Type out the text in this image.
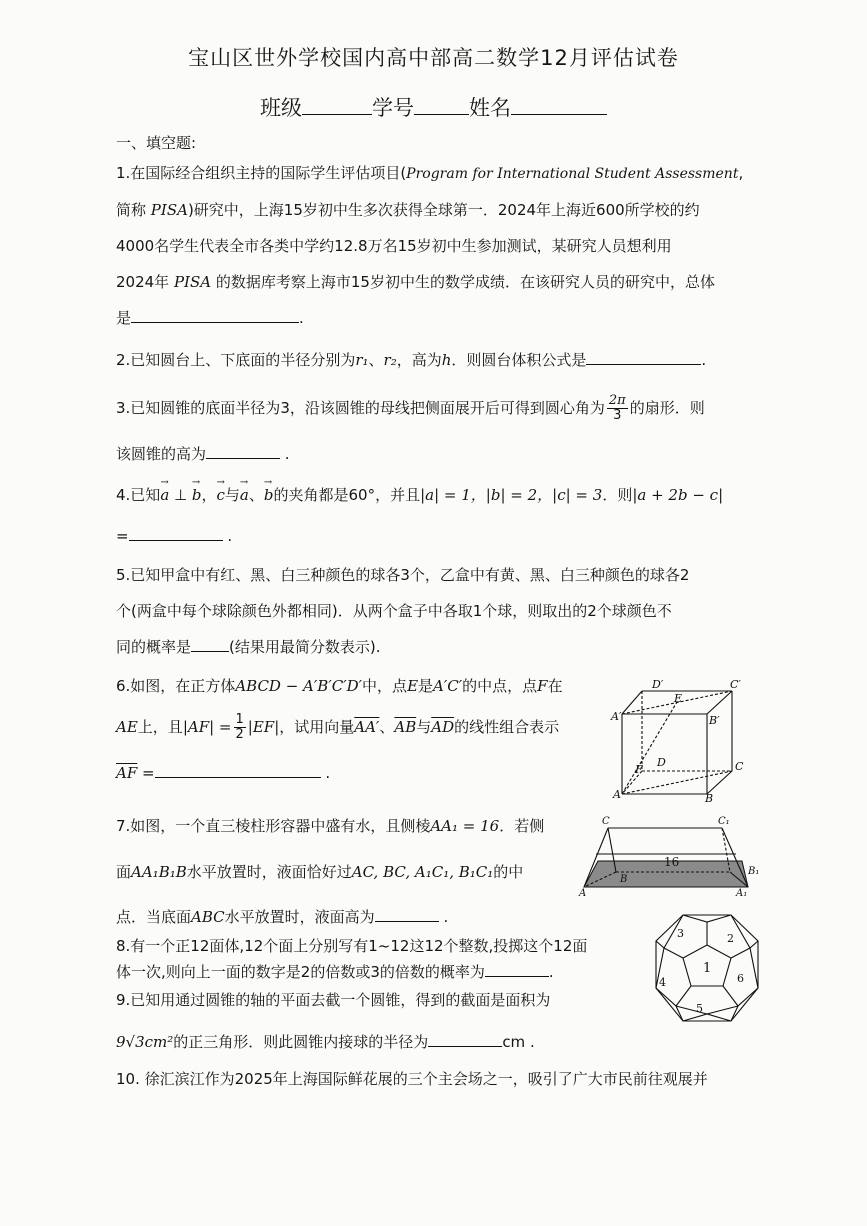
宝山区世外学校国内高中部高二数学12月评估试卷
班级	学号	姓名
一、填空题:
1.在国际经合组织主持的国际学生评估项目(Program for International Student Assessment,
简称 PISA)研究中，上海15岁初中生多次获得全球第一．2024年上海近600所学校的约
4000名学生代表全市各类中学约12.8万名15岁初中生参加测试，某研究人员想利用
2024年 PISA 的数据库考察上海市15岁初中生的数学成绩．在该研究人员的研究中，总体
是	.
2.已知圆台上、下底面的半径分别为r₁、r₂，高为h．则圆台体积公式是	.
3.已知圆锥的底面半径为3，沿该圆锥的母线把侧面展开后可得到圆心角为 $\frac{2\pi}{3}$ 的扇形．则
该圆锥的高为	.
4.已知→ a ⊥ → b，→ c与→ a、→ b的夹角都是60°，并且|a| = 1，|b| = 2，|c| = 3．则|a + 2b − c|
=	.
5.已知甲盒中有红、黑、白三种颜色的球各3个，乙盒中有黄、黑、白三种颜色的球各2
个(两盒中每个球除颜色外都相同)．从两个盒子中各取1个球，则取出的2个球颜色不
同的概率是	(结果用最简分数表示).
6.如图，在正方体ABCD − A′B′C′D′中，点E是A′C′的中点，点F在
AE上，且$|AF| = \frac{1}{2} |EF|$，试用向量AA′、$\overline{AB}$与$\overline{AD}$的线性组合表示
$\overline{AF}$ =	.
7.如图，一个直三棱柱形容器中盛有水，且侧棱AA₁ = 16．若侧
面AA₁B₁B水平放置时，液面恰好过AC, BC, A₁C₁, B₁C₁的中
点．当底面ABC水平放置时，液面高为	.
8.有一个正12面体,12个面上分别写有1~12这12个整数,投掷这个12面
体一次,则向上一面的数字是2的倍数或3的倍数的概率为	.
9.已知用通过圆锥的轴的平面去截一个圆锥，得到的截面是面积为
9√3cm²的正三角形．则此圆锥内接球的半径为	cm .
10. 徐汇滨江作为2025年上海国际鲜花展的三个主会场之一，吸引了广大市民前往观展并
D′	C′
E
A′	B′
D	C
F
A	B
C	C₁
16
A
B
A₁
B₁
3	2
1
6
4
5
